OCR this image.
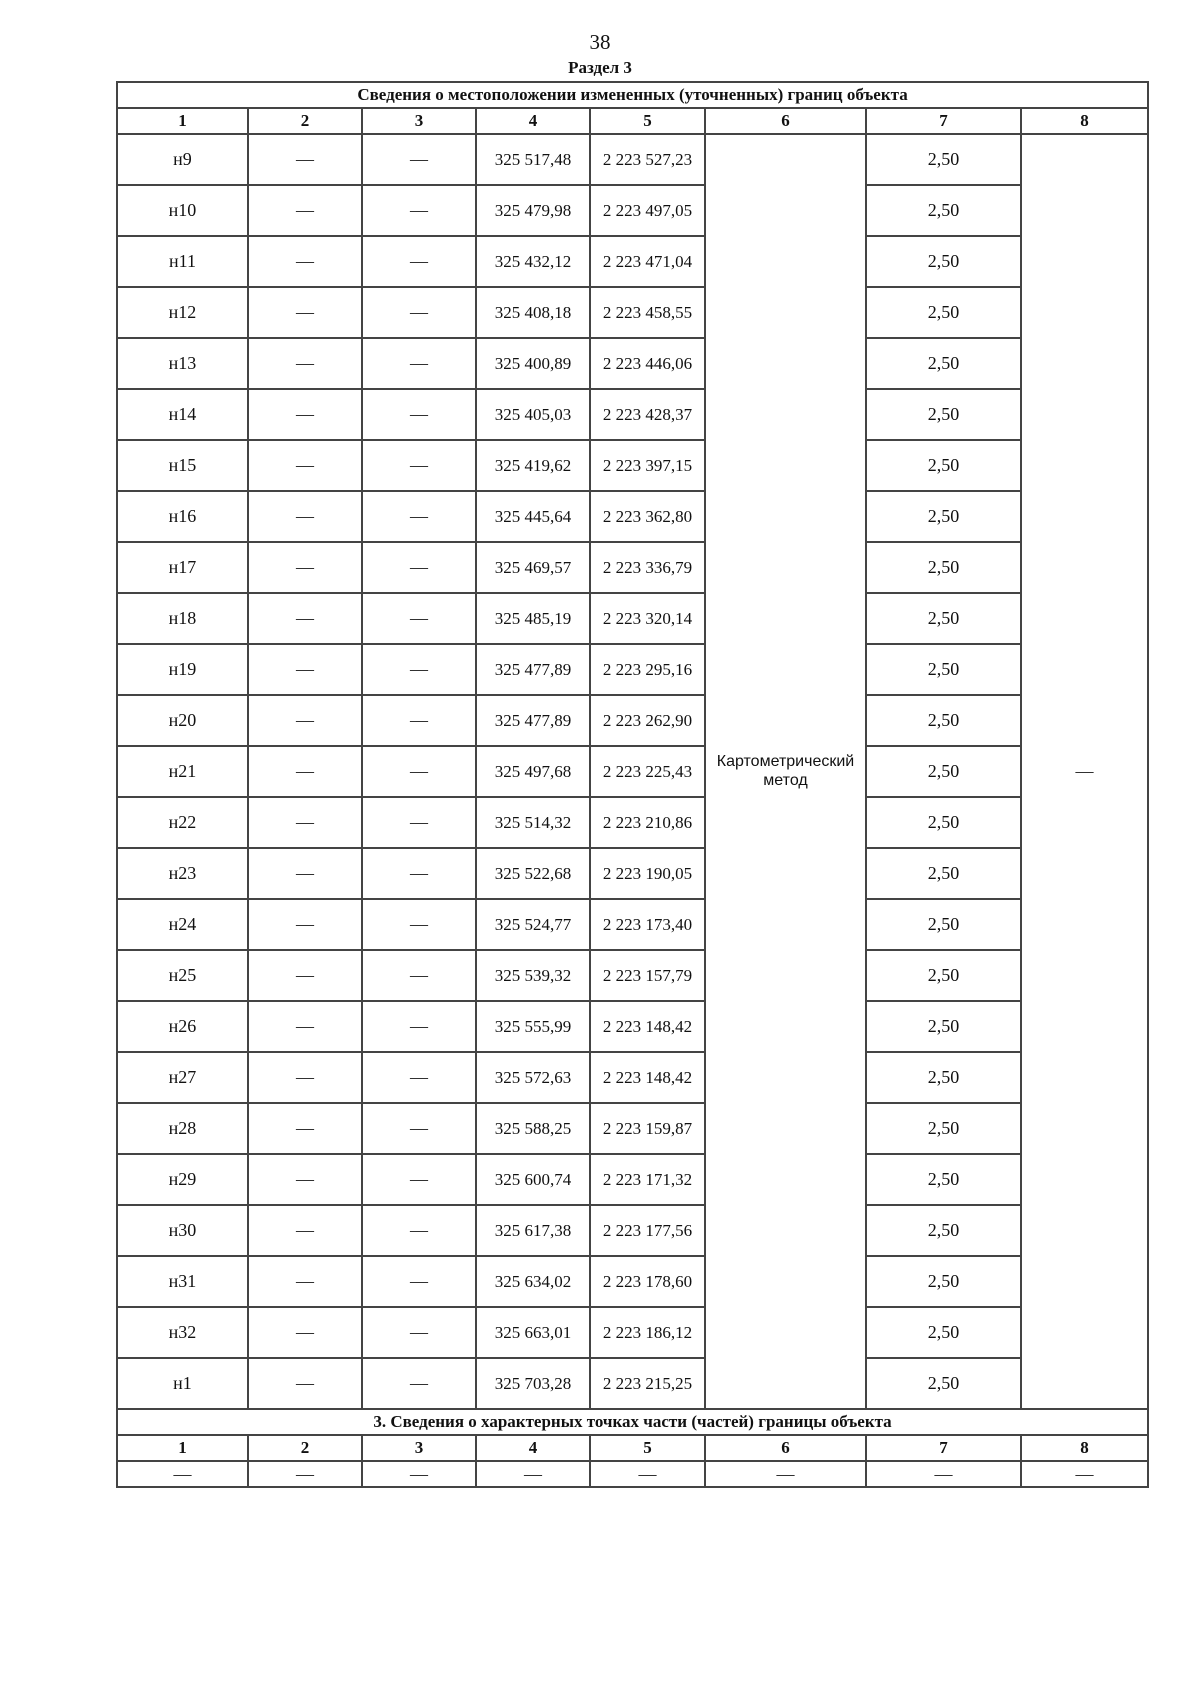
38
Раздел 3
Сведения о местоположении измененных (уточненных) границ объекта							
1	2	3	4	5	6	7	8
н9	—	—	325 517,48	2 223 527,23	Картометрический метод	2,50	—
н10	—	—	325 479,98	2 223 497,05		2,50	
н11	—	—	325 432,12	2 223 471,04		2,50	
н12	—	—	325 408,18	2 223 458,55		2,50	
н13	—	—	325 400,89	2 223 446,06		2,50	
н14	—	—	325 405,03	2 223 428,37		2,50	
н15	—	—	325 419,62	2 223 397,15		2,50	
н16	—	—	325 445,64	2 223 362,80		2,50	
н17	—	—	325 469,57	2 223 336,79		2,50	
н18	—	—	325 485,19	2 223 320,14		2,50	
н19	—	—	325 477,89	2 223 295,16		2,50	
н20	—	—	325 477,89	2 223 262,90		2,50	
н21	—	—	325 497,68	2 223 225,43		2,50	
н22	—	—	325 514,32	2 223 210,86		2,50	
н23	—	—	325 522,68	2 223 190,05		2,50	
н24	—	—	325 524,77	2 223 173,40		2,50	
н25	—	—	325 539,32	2 223 157,79		2,50	
н26	—	—	325 555,99	2 223 148,42		2,50	
н27	—	—	325 572,63	2 223 148,42		2,50	
н28	—	—	325 588,25	2 223 159,87		2,50	
н29	—	—	325 600,74	2 223 171,32		2,50	
н30	—	—	325 617,38	2 223 177,56		2,50	
н31	—	—	325 634,02	2 223 178,60		2,50	
н32	—	—	325 663,01	2 223 186,12		2,50	
н1	—	—	325 703,28	2 223 215,25		2,50	
3. Сведения о характерных точках части (частей) границы объекта							
1	2	3	4	5	6	7	8
—	—	—	—	—	—	—	—
